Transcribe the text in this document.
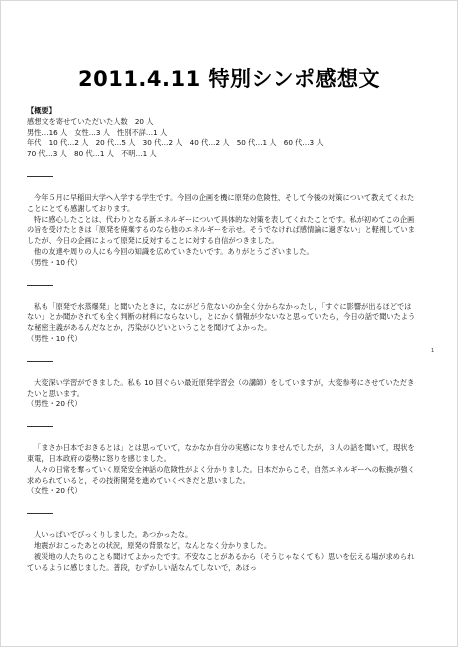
2011.4.11 特別シンポ感想文
【概要】
感想文を寄せていただいた人数　20 人
男性…16 人　女性…3 人　性別不詳…1 人
年代　10 代…2 人　20 代…5 人　30 代…2 人　40 代…2 人　50 代…1 人　60 代…3 人
70 代…3 人　80 代…1 人　不明…1 人

今年５月に早稲田大学へ入学する学生です。今回の企画を機に原発の危険性、そして今後の対策について教えてくれたことにとても感謝しております。

特に感心したことは、代わりとなる新エネルギーについて具体的な対策を表してくれたことです。私が初めてこの企画の旨を受けたときは「原発を廃棄するのなら他のエネルギーを示せ。そうでなければ感情論に過ぎない」と軽視していましたが、今日の企画によって原発に反対することに対する自信がつきました。

他の友達や周りの人にも今回の知識を広めていきたいです。ありがとうございました。

（男性・10 代）

私も「原発で水蒸爆発」と聞いたときに，なにがどう危ないのか全く分からなかったし，「すぐに影響が出るほどではない」とか聞かされても全く判断の材料にならないし，とにかく情報が少ないなと思っていたら，今日の話で聞いたような秘密主義があるんだなとか，汚染がひどいということを聞けてよかった。

（男性・10 代）

大変深い学習ができました。私も 10 回ぐらい最近原発学習会（の講師）をしていますが，大変参考にさせていただきたいと思います。

（男性・20 代）

「まさか日本でおきるとは」とは思っていて，なかなか自分の実感になりませんでしたが，３人の話を聞いて，現状を東電，日本政府の姿勢に怒りを感じました。

人々の日常を奪っていく原発安全神話の危険性がよく分かりました。日本だからこそ，自然エネルギーへの転換が強く求められていると，その技術開発を進めていくべきだと思いました。

（女性・20 代）

人いっぱいでびっくりしました。あつかったな。

地震がおこったあとの状況，原発の背景など，なんとなく分かりました。

被災地の人たちのことも聞けてよかったです。不安なことがあるから（そうじゃなくても）思いを伝える場が求められているように感じました。普段，むずかしい話なんてしないで，あほっ

1
